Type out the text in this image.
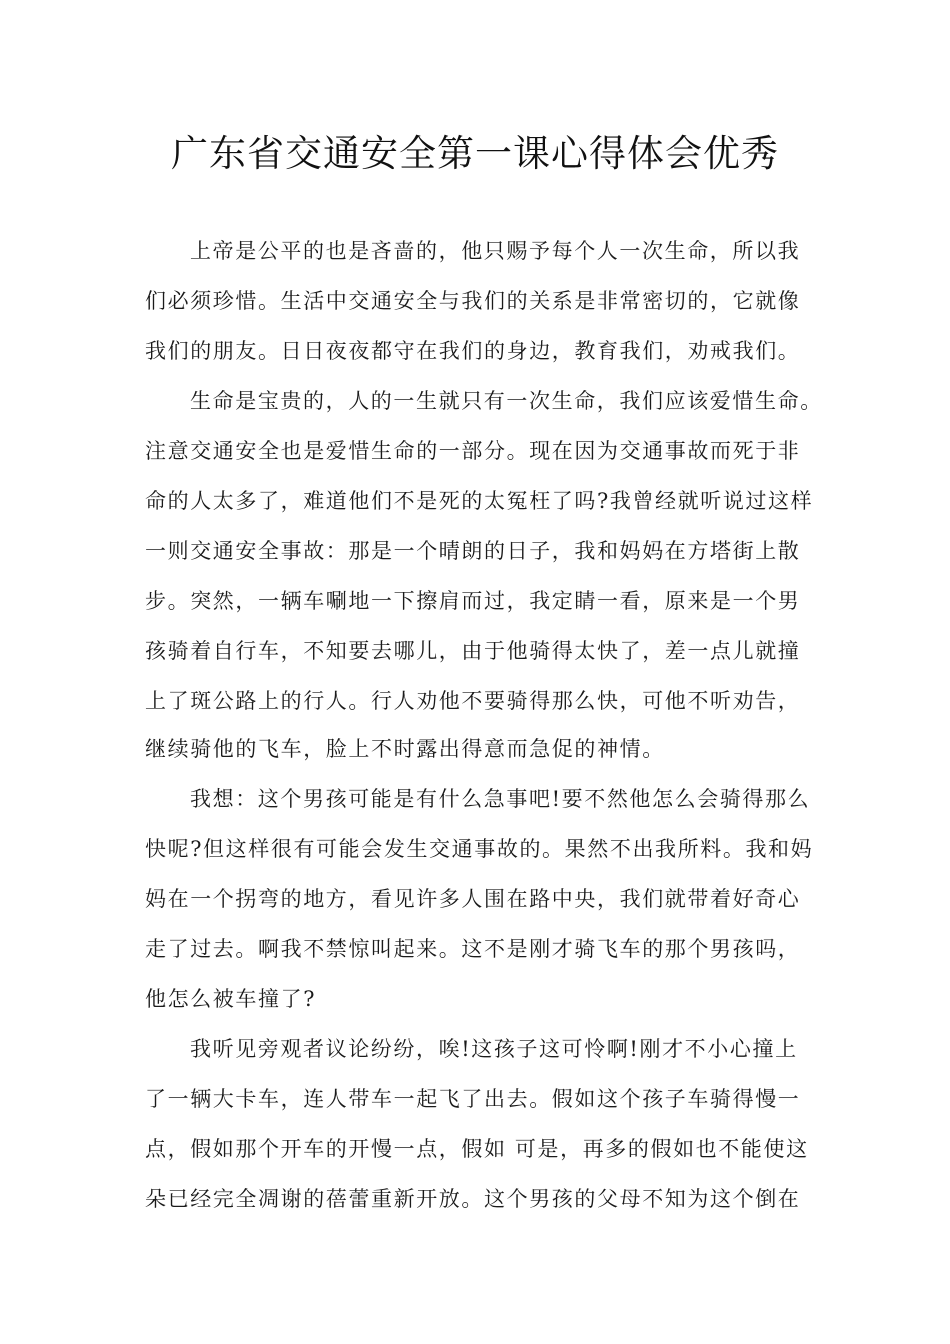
广东省交通安全第一课心得体会优秀
上帝是公平的也是吝啬的，他只赐予每个人一次生命，所以我
们必须珍惜。生活中交通安全与我们的关系是非常密切的，它就像
我们的朋友。日日夜夜都守在我们的身边，教育我们，劝戒我们。
生命是宝贵的，人的一生就只有一次生命，我们应该爱惜生命。
注意交通安全也是爱惜生命的一部分。现在因为交通事故而死于非
命的人太多了，难道他们不是死的太冤枉了吗?我曾经就听说过这样
一则交通安全事故：那是一个晴朗的日子，我和妈妈在方塔街上散
步。突然，一辆车唰地一下擦肩而过，我定睛一看，原来是一个男
孩骑着自行车，不知要去哪儿，由于他骑得太快了，差一点儿就撞
上了斑公路上的行人。行人劝他不要骑得那么快，可他不听劝告，
继续骑他的飞车，脸上不时露出得意而急促的神情。
我想：这个男孩可能是有什么急事吧!要不然他怎么会骑得那么
快呢?但这样很有可能会发生交通事故的。果然不出我所料。我和妈
妈在一个拐弯的地方，看见许多人围在路中央，我们就带着好奇心
走了过去。啊我不禁惊叫起来。这不是刚才骑飞车的那个男孩吗，
他怎么被车撞了?
我听见旁观者议论纷纷，唉!这孩子这可怜啊!刚才不小心撞上
了一辆大卡车，连人带车一起飞了出去。假如这个孩子车骑得慢一
点，假如那个开车的开慢一点，假如 可是，再多的假如也不能使这
朵已经完全凋谢的蓓蕾重新开放。这个男孩的父母不知为这个倒在
